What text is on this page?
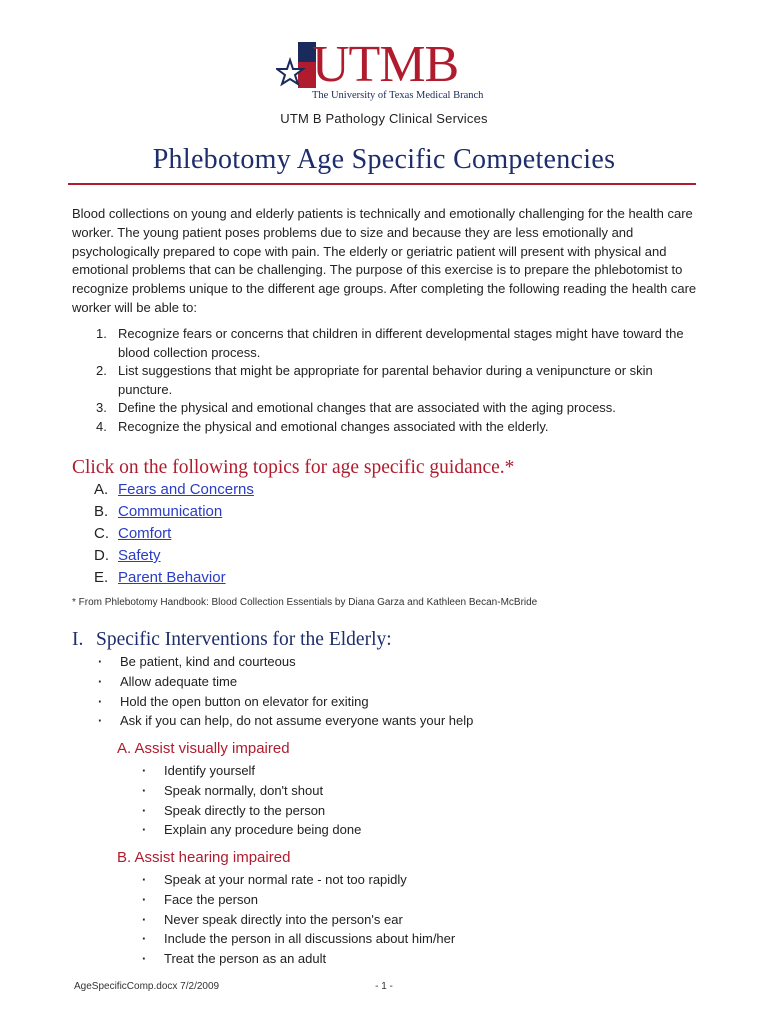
UTMB
The University of Texas Medical Branch
UTM B Pathology Clinical Services
Phlebotomy Age Specific Competencies

Blood collections on young and elderly patients is technically and emotionally challenging for the health care worker. The young patient poses problems due to size and because they are less emotionally and psychologically prepared to cope with pain. The elderly or geriatric patient will present with physical and emotional problems that can be challenging. The purpose of this exercise is to prepare the phlebotomist to recognize problems unique to the different age groups. After completing the following reading the health care worker will be able to:

1. Recognize fears or concerns that children in different developmental stages might have toward the blood collection process.
2. List suggestions that might be appropriate for parental behavior during a venipuncture or skin puncture.
3. Define the physical and emotional changes that are associated with the aging process.
4. Recognize the physical and emotional changes associated with the elderly.
Click on the following topics for age specific guidance.*
A. Fears and Concerns
B. Communication
C. Comfort
D. Safety
E. Parent Behavior
* From Phlebotomy Handbook: Blood Collection Essentials by Diana Garza and Kathleen Becan-McBride
I. Specific Interventions for the Elderly:
· Be patient, kind and courteous
· Allow adequate time
· Hold the open button on elevator for exiting
· Ask if you can help, do not assume everyone wants your help
A. Assist visually impaired
· Identify yourself
· Speak normally, don't shout
· Speak directly to the person
· Explain any procedure being done
B. Assist hearing impaired
· Speak at your normal rate - not too rapidly
· Face the person
· Never speak directly into the person's ear
· Include the person in all discussions about him/her
· Treat the person as an adult
AgeSpecificComp.docx 7/2/2009	- 1 -
